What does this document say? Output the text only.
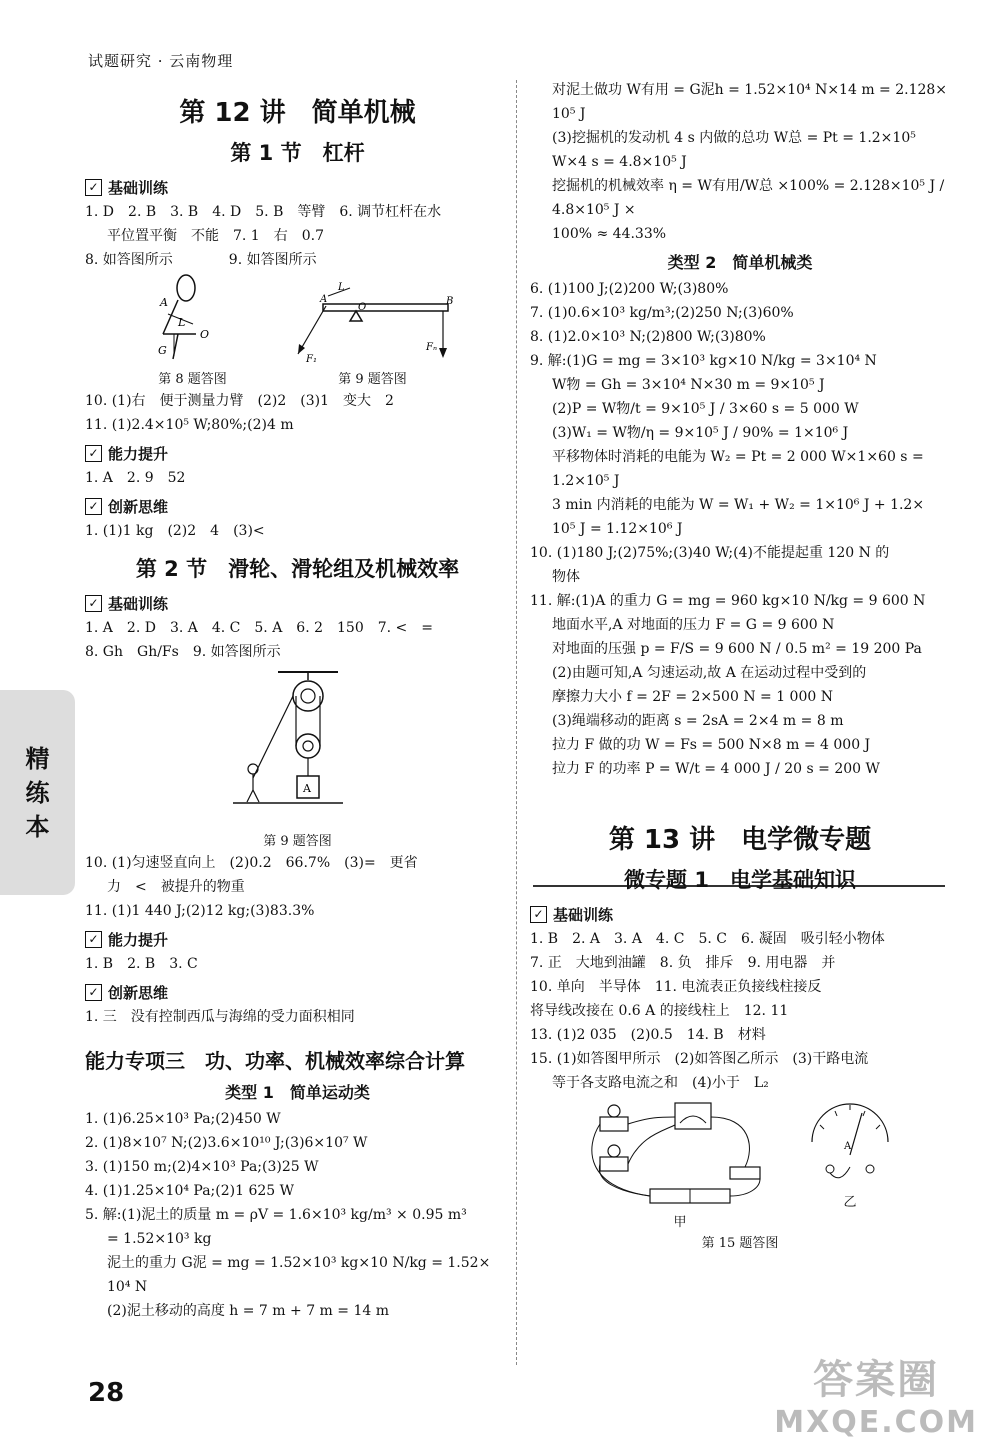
试题研究 · 云南物理
精
练
本
第 12 讲　简单机械
第 1 节　杠杆
✓ 基础训练
1. D　2. B　3. B　4. D　5. B　等臂　6. 调节杠杆在水
平位置平衡　不能　7. 1　右　0.7
8. 如答图所示　　　　9. 如答图所示
A
L
O
G
第 8 题答图
A
L
O
B
F₁
Fₙ
第 9 题答图
10. (1)右　便于测量力臂　(2)2　(3)1　变大　2
11. (1)2.4×10⁵ W;80%;(2)4 m
✓ 能力提升
1. A　2. 9　52
✓ 创新思维
1. (1)1 kg　(2)2　4　(3)<
第 2 节　滑轮、滑轮组及机械效率
✓ 基础训练
1. A　2. D　3. A　4. C　5. A　6. 2　150　7. <　=
8. Gh　Gh/Fs　9. 如答图所示
A
第 9 题答图
10. (1)匀速竖直向上　(2)0.2　66.7%　(3)=　更省
力　<　被提升的物重
11. (1)1 440 J;(2)12 kg;(3)83.3%
✓ 能力提升
1. B　2. B　3. C
✓ 创新思维
1. 三　没有控制西瓜与海绵的受力面积相同
能力专项三　功、功率、机械效率综合计算
类型 1　简单运动类
1. (1)6.25×10³ Pa;(2)450 W
2. (1)8×10⁷ N;(2)3.6×10¹⁰ J;(3)6×10⁷ W
3. (1)150 m;(2)4×10³ Pa;(3)25 W
4. (1)1.25×10⁴ Pa;(2)1 625 W
5. 解:(1)泥土的质量 m = ρV = 1.6×10³ kg/m³ × 0.95 m³
= 1.52×10³ kg
泥土的重力 G泥 = mg = 1.52×10³ kg×10 N/kg = 1.52×
10⁴ N
(2)泥土移动的高度 h = 7 m + 7 m = 14 m
对泥土做功 W有用 = G泥h = 1.52×10⁴ N×14 m = 2.128×
10⁵ J
(3)挖掘机的发动机 4 s 内做的总功 W总 = Pt = 1.2×10⁵
W×4 s = 4.8×10⁵ J
挖掘机的机械效率 η = W有用/W总 ×100% = 2.128×10⁵ J / 4.8×10⁵ J ×
100% ≈ 44.33%
类型 2　简单机械类
6. (1)100 J;(2)200 W;(3)80%
7. (1)0.6×10³ kg/m³;(2)250 N;(3)60%
8. (1)2.0×10³ N;(2)800 W;(3)80%
9. 解:(1)G = mg = 3×10³ kg×10 N/kg = 3×10⁴ N
W物 = Gh = 3×10⁴ N×30 m = 9×10⁵ J
(2)P = W物/t = 9×10⁵ J / 3×60 s = 5 000 W
(3)W₁ = W物/η = 9×10⁵ J / 90% = 1×10⁶ J
平移物体时消耗的电能为 W₂ = Pt = 2 000 W×1×60 s =
1.2×10⁵ J
3 min 内消耗的电能为 W = W₁ + W₂ = 1×10⁶ J + 1.2×
10⁵ J = 1.12×10⁶ J
10. (1)180 J;(2)75%;(3)40 W;(4)不能提起重 120 N 的
物体
11. 解:(1)A 的重力 G = mg = 960 kg×10 N/kg = 9 600 N
地面水平,A 对地面的压力 F = G = 9 600 N
对地面的压强 p = F/S = 9 600 N / 0.5 m² = 19 200 Pa
(2)由题可知,A 匀速运动,故 A 在运动过程中受到的
摩擦力大小 f = 2F = 2×500 N = 1 000 N
(3)绳端移动的距离 s = 2sA = 2×4 m = 8 m
拉力 F 做的功 W = Fs = 500 N×8 m = 4 000 J
拉力 F 的功率 P = W/t = 4 000 J / 20 s = 200 W
第 13 讲　电学微专题
微专题 1　电学基础知识
✓ 基础训练
1. B　2. A　3. A　4. C　5. C　6. 凝固　吸引轻小物体
7. 正　大地到油罐　8. 负　排斥　9. 用电器　并
10. 单向　半导体　11. 电流表正负接线柱接反
将导线改接在 0.6 A 的接线柱上　12. 11
13. (1)2 035　(2)0.5　14. B　材料
15. (1)如答图甲所示　(2)如答图乙所示　(3)干路电流
等于各支路电流之和　(4)小于　L₂
甲
A
乙
第 15 题答图
28	答案圈
MXQE.COM
